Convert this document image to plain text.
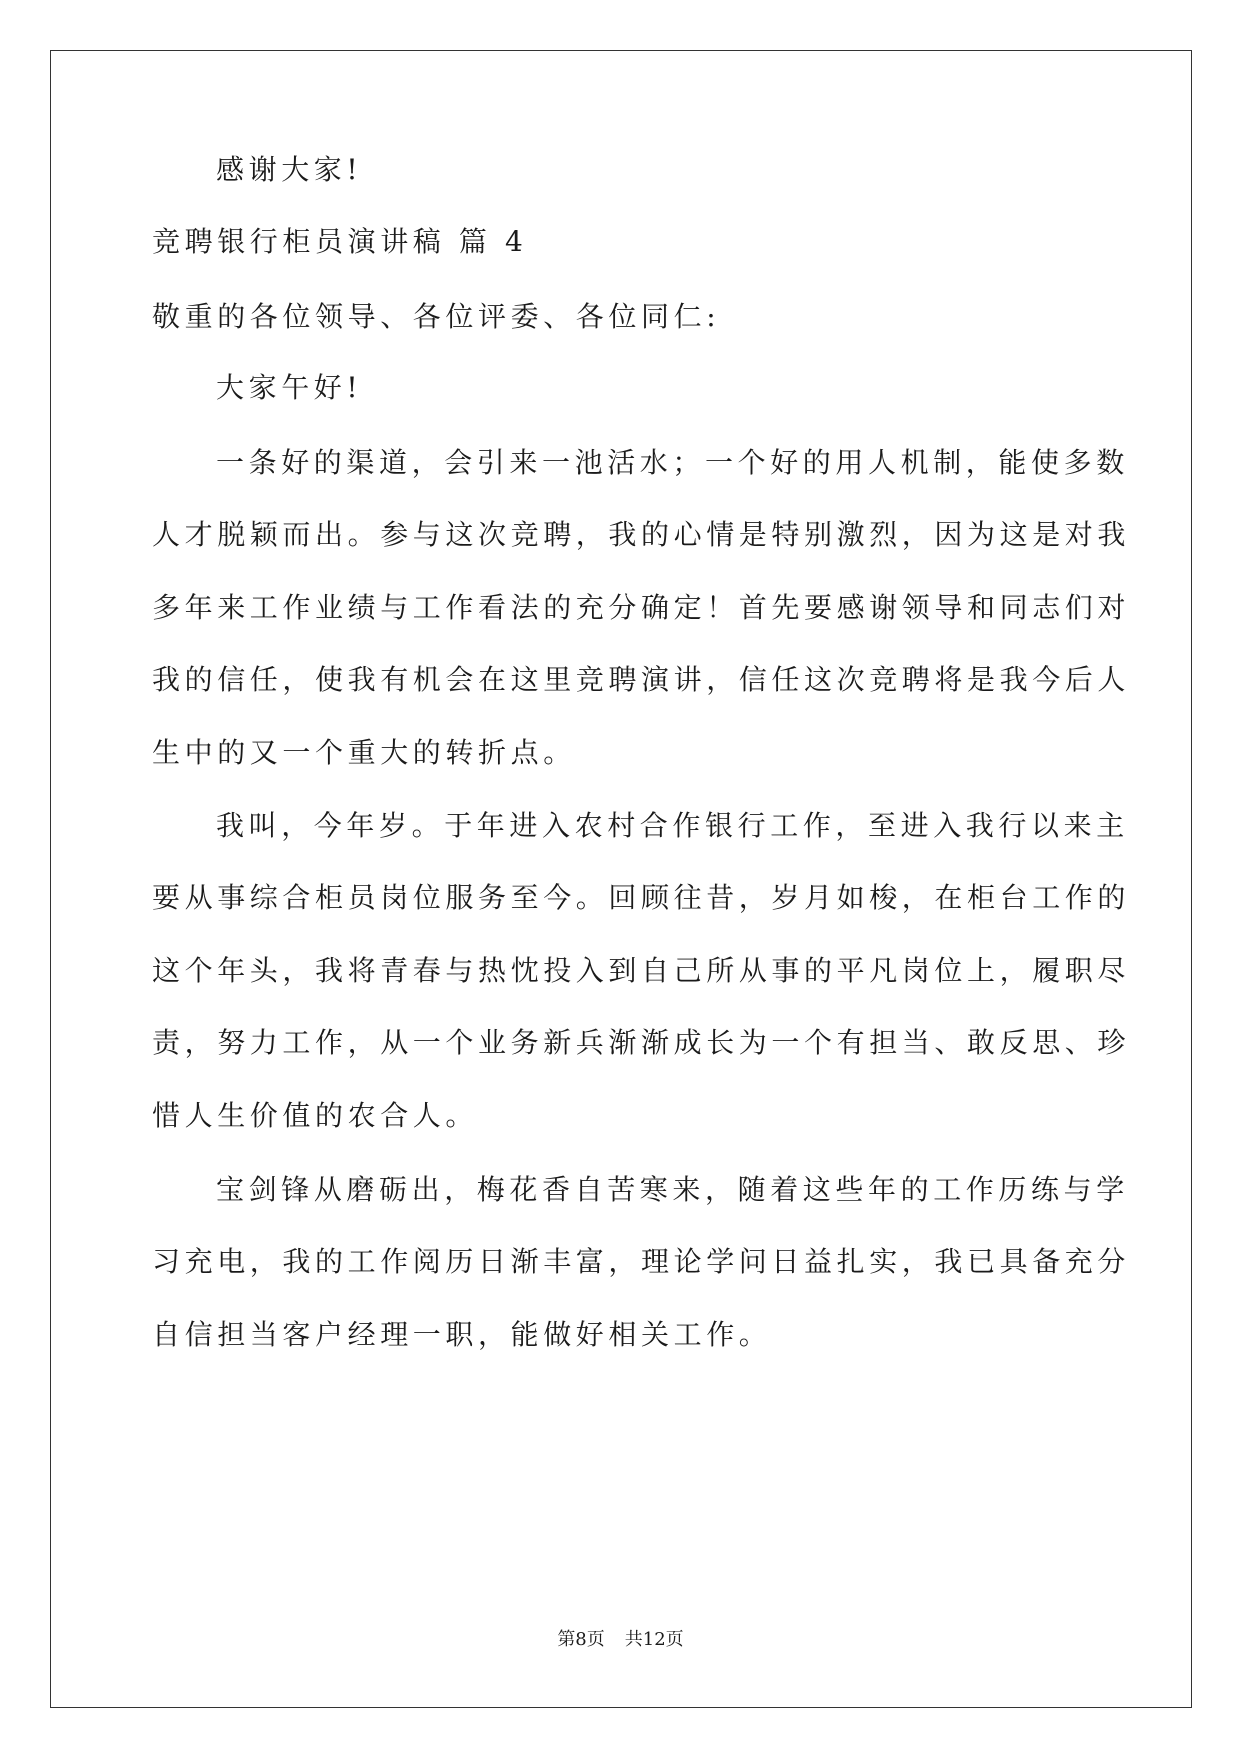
感谢大家!
竞聘银行柜员演讲稿 篇 4
敬重的各位领导、各位评委、各位同仁:
大家午好!
一条好的渠道，会引来一池活水；一个好的用人机制，能使多数
人才脱颖而出。参与这次竞聘，我的心情是特别激烈，因为这是对我
多年来工作业绩与工作看法的充分确定！首先要感谢领导和同志们对
我的信任，使我有机会在这里竞聘演讲，信任这次竞聘将是我今后人
生中的又一个重大的转折点。
我叫，今年岁。于年进入农村合作银行工作，至进入我行以来主
要从事综合柜员岗位服务至今。回顾往昔，岁月如梭，在柜台工作的
这个年头，我将青春与热忱投入到自己所从事的平凡岗位上，履职尽
责，努力工作，从一个业务新兵渐渐成长为一个有担当、敢反思、珍
惜人生价值的农合人。
宝剑锋从磨砺出，梅花香自苦寒来，随着这些年的工作历练与学
习充电，我的工作阅历日渐丰富，理论学问日益扎实，我已具备充分
自信担当客户经理一职，能做好相关工作。
第8页 共12页
